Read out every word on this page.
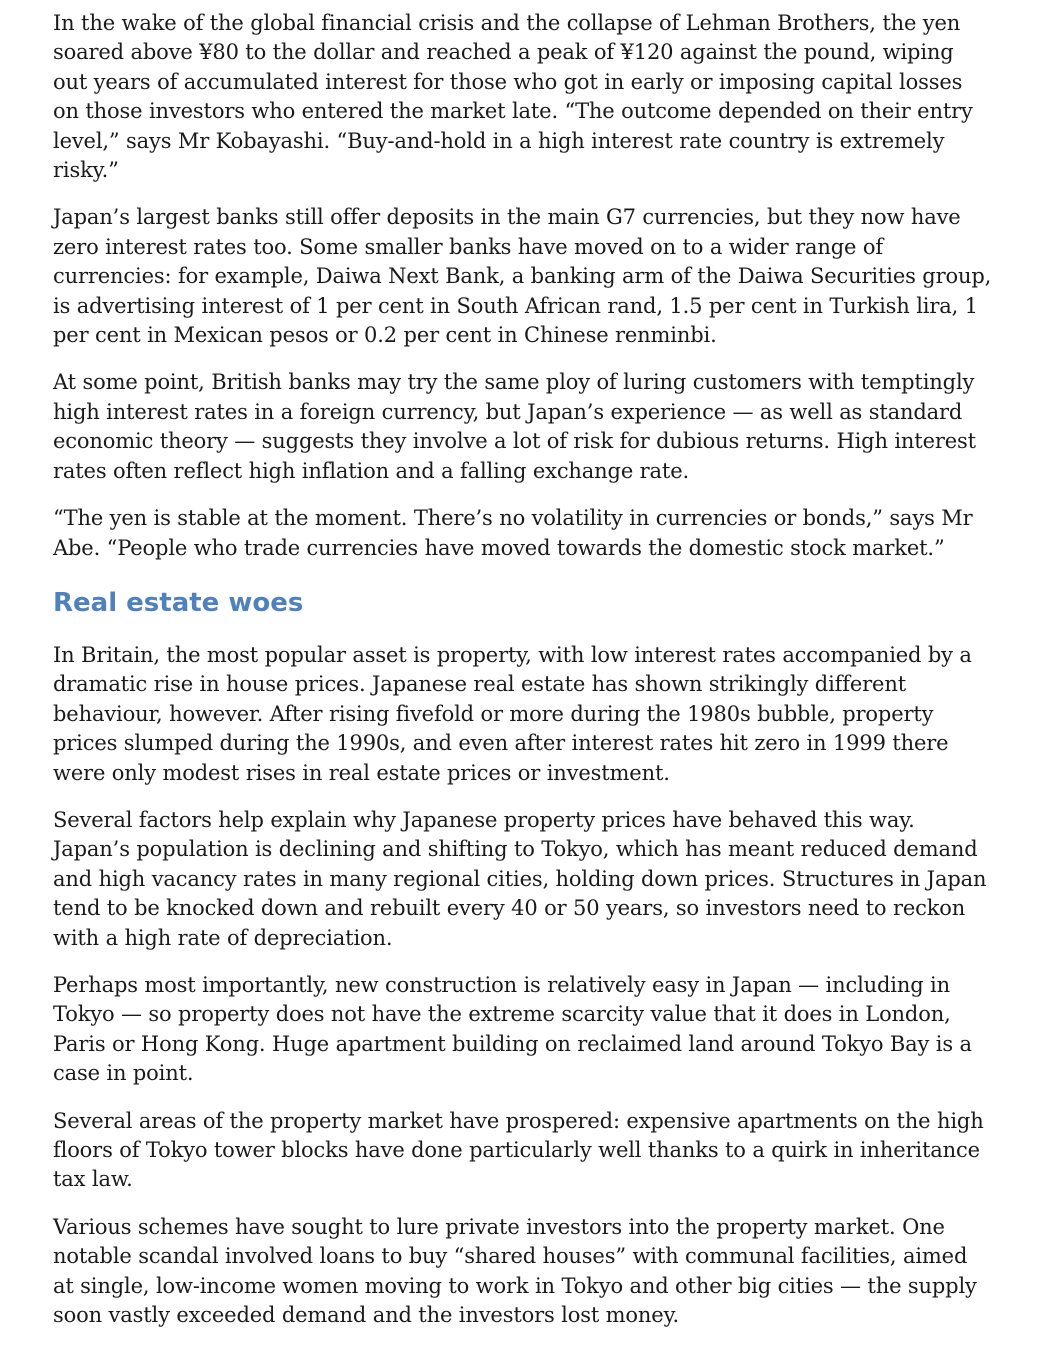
In the wake of the global financial crisis and the collapse of Lehman Brothers, the yen soared above ¥80 to the dollar and reached a peak of ¥120 against the pound, wiping out years of accumulated interest for those who got in early or imposing capital losses on those investors who entered the market late. “The outcome depended on their entry level,” says Mr Kobayashi. “Buy-and-hold in a high interest rate country is extremely risky.”

Japan’s largest banks still offer deposits in the main G7 currencies, but they now have zero interest rates too. Some smaller banks have moved on to a wider range of currencies: for example, Daiwa Next Bank, a banking arm of the Daiwa Securities group, is advertising interest of 1 per cent in South African rand, 1.5 per cent in Turkish lira, 1 per cent in Mexican pesos or 0.2 per cent in Chinese renminbi.

At some point, British banks may try the same ploy of luring customers with temptingly high interest rates in a foreign currency, but Japan’s experience — as well as standard economic theory — suggests they involve a lot of risk for dubious returns. High interest rates often reflect high inflation and a falling exchange rate.

“The yen is stable at the moment. There’s no volatility in currencies or bonds,” says Mr Abe. “People who trade currencies have moved towards the domestic stock market.”

Real estate woes

In Britain, the most popular asset is property, with low interest rates accompanied by a dramatic rise in house prices. Japanese real estate has shown strikingly different behaviour, however. After rising fivefold or more during the 1980s bubble, property prices slumped during the 1990s, and even after interest rates hit zero in 1999 there were only modest rises in real estate prices or investment.

Several factors help explain why Japanese property prices have behaved this way. Japan’s population is declining and shifting to Tokyo, which has meant reduced demand and high vacancy rates in many regional cities, holding down prices. Structures in Japan tend to be knocked down and rebuilt every 40 or 50 years, so investors need to reckon with a high rate of depreciation.

Perhaps most importantly, new construction is relatively easy in Japan — including in Tokyo — so property does not have the extreme scarcity value that it does in London, Paris or Hong Kong. Huge apartment building on reclaimed land around Tokyo Bay is a case in point.

Several areas of the property market have prospered: expensive apartments on the high floors of Tokyo tower blocks have done particularly well thanks to a quirk in inheritance tax law.

Various schemes have sought to lure private investors into the property market. One notable scandal involved loans to buy “shared houses” with communal facilities, aimed at single, low-income women moving to work in Tokyo and other big cities — the supply soon vastly exceeded demand and the investors lost money.
